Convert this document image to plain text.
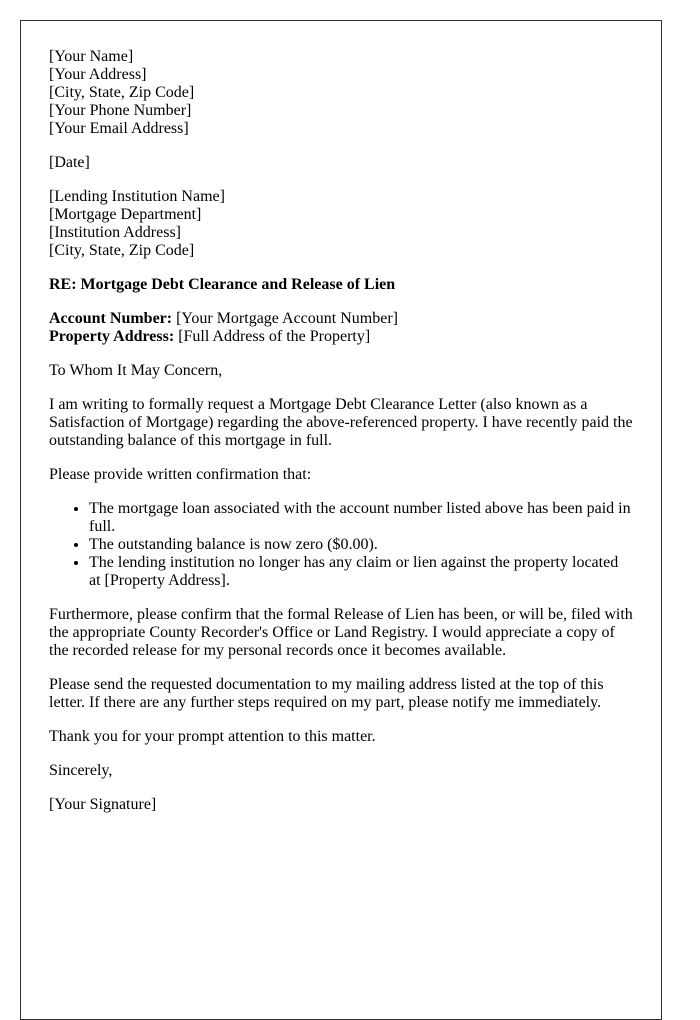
[Your Name]
[Your Address]
[City, State, Zip Code]
[Your Phone Number]
[Your Email Address]

[Date]

[Lending Institution Name]
[Mortgage Department]
[Institution Address]
[City, State, Zip Code]

RE: Mortgage Debt Clearance and Release of Lien

Account Number: [Your Mortgage Account Number]
Property Address: [Full Address of the Property]

To Whom It May Concern,

I am writing to formally request a Mortgage Debt Clearance Letter (also known as a Satisfaction of Mortgage) regarding the above-referenced property. I have recently paid the outstanding balance of this mortgage in full.

Please provide written confirmation that:

• The mortgage loan associated with the account number listed above has been paid in full.
• The outstanding balance is now zero ($0.00).
• The lending institution no longer has any claim or lien against the property located at [Property Address].

Furthermore, please confirm that the formal Release of Lien has been, or will be, filed with the appropriate County Recorder's Office or Land Registry. I would appreciate a copy of the recorded release for my personal records once it becomes available.

Please send the requested documentation to my mailing address listed at the top of this letter. If there are any further steps required on my part, please notify me immediately.

Thank you for your prompt attention to this matter.

Sincerely,

[Your Signature]
